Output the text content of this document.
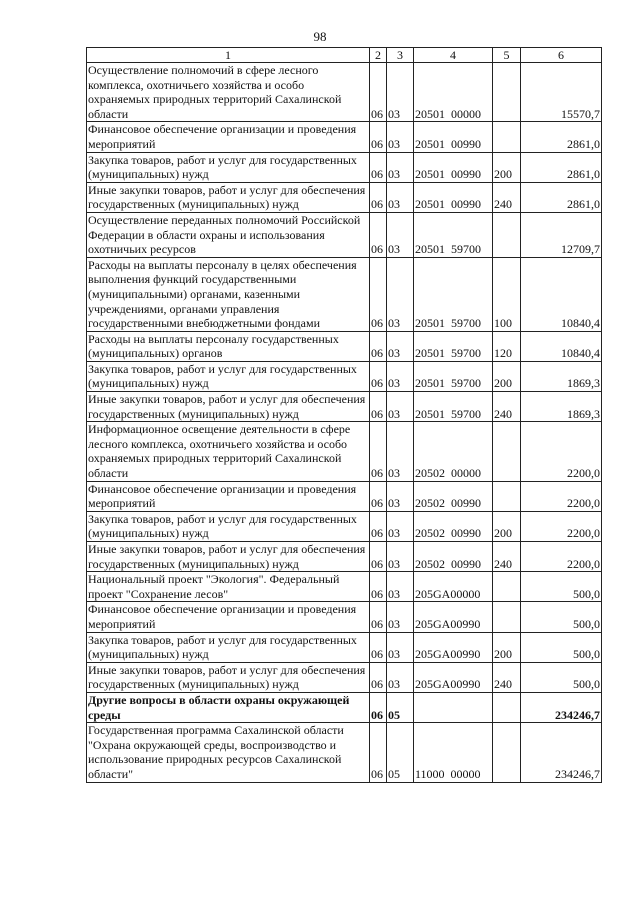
98
1	2	3	4	5	6
Осуществление полномочий в сфере лесного комплекса, охотничьего хозяйства и особо охраняемых природных территорий Сахалинской области	06	03	20501  00000		15570,7
Финансовое обеспечение организации и проведения мероприятий	06	03	20501  00990		2861,0
Закупка товаров, работ и услуг для государственных (муниципальных) нужд	06	03	20501  00990	200	2861,0
Иные закупки товаров, работ и услуг для обеспечения государственных (муниципальных) нужд	06	03	20501  00990	240	2861,0
Осуществление переданных полномочий Российской Федерации в области охраны и использования охотничьих ресурсов	06	03	20501  59700		12709,7
Расходы на выплаты персоналу в целях обеспечения выполнения функций государственными (муниципальными) органами, казенными учреждениями, органами управления государственными внебюджетными фондами	06	03	20501  59700	100	10840,4
Расходы на выплаты персоналу государственных (муниципальных) органов	06	03	20501  59700	120	10840,4
Закупка товаров, работ и услуг для государственных (муниципальных) нужд	06	03	20501  59700	200	1869,3
Иные закупки товаров, работ и услуг для обеспечения государственных (муниципальных) нужд	06	03	20501  59700	240	1869,3
Информационное освещение деятельности в сфере лесного комплекса, охотничьего хозяйства и особо охраняемых природных территорий Сахалинской области	06	03	20502  00000		2200,0
Финансовое обеспечение организации и проведения мероприятий	06	03	20502  00990		2200,0
Закупка товаров, работ и услуг для государственных (муниципальных) нужд	06	03	20502  00990	200	2200,0
Иные закупки товаров, работ и услуг для обеспечения государственных (муниципальных) нужд	06	03	20502  00990	240	2200,0
Национальный проект "Экология". Федеральный проект "Сохранение лесов"	06	03	205GA00000		500,0
Финансовое обеспечение организации и проведения мероприятий	06	03	205GA00990		500,0
Закупка товаров, работ и услуг для государственных (муниципальных) нужд	06	03	205GA00990	200	500,0
Иные закупки товаров, работ и услуг для обеспечения государственных (муниципальных) нужд	06	03	205GA00990	240	500,0
Другие вопросы в области охраны окружающей среды	06	05			234246,7
Государственная программа Сахалинской области "Охрана окружающей среды, воспроизводство и использование природных ресурсов Сахалинской области"	06	05	11000  00000		234246,7
